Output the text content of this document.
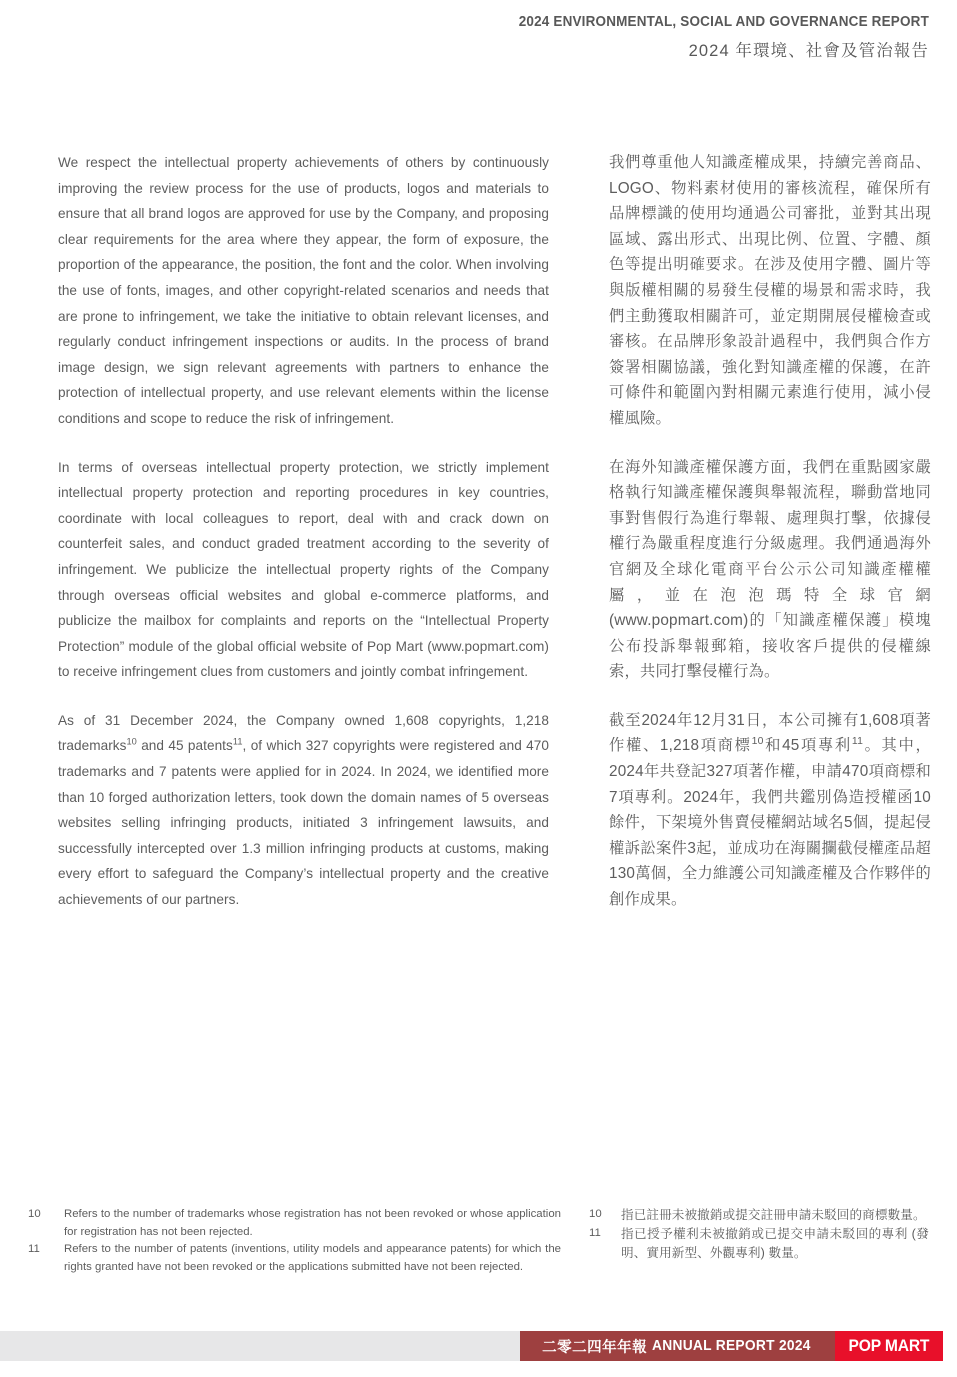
2024 ENVIRONMENTAL, SOCIAL AND GOVERNANCE REPORT
2024 年環境、社會及管治報告

We respect the intellectual property achievements of others by continuously improving the review process for the use of products, logos and materials to ensure that all brand logos are approved for use by the Company, and proposing clear requirements for the area where they appear, the form of exposure, the proportion of the appearance, the position, the font and the color. When involving the use of fonts, images, and other copyright-related scenarios and needs that are prone to infringement, we take the initiative to obtain relevant licenses, and regularly conduct infringement inspections or audits. In the process of brand image design, we sign relevant agreements with partners to enhance the protection of intellectual property, and use relevant elements within the license conditions and scope to reduce the risk of infringement.

In terms of overseas intellectual property protection, we strictly implement intellectual property protection and reporting procedures in key countries, coordinate with local colleagues to report, deal with and crack down on counterfeit sales, and conduct graded treatment according to the severity of infringement. We publicize the intellectual property rights of the Company through overseas official websites and global e-commerce platforms, and publicize the mailbox for complaints and reports on the “Intellectual Property Protection” module of the global official website of Pop Mart (www.popmart.com) to receive infringement clues from customers and jointly combat infringement.

As of 31 December 2024, the Company owned 1,608 copyrights, 1,218 trademarks$^{10}$ and 45 patents$^{11}$, of which 327 copyrights were registered and 470 trademarks and 7 patents were applied for in 2024. In 2024, we identified more than 10 forged authorization letters, took down the domain names of 5 overseas websites selling infringing products, initiated 3 infringement lawsuits, and successfully intercepted over 1.3 million infringing products at customs, making every effort to safeguard the Company’s intellectual property and the creative achievements of our partners.

我們尊重他人知識產權成果，持續完善商品、LOGO、物料素材使用的審核流程，確保所有品牌標識的使用均通過公司審批，並對其出現區域、露出形式、出現比例、位置、字體、顏色等提出明確要求。在涉及使用字體、圖片等與版權相關的易發生侵權的場景和需求時，我們主動獲取相關許可，並定期開展侵權檢查或審核。在品牌形象設計過程中，我們與合作方簽署相關協議，強化對知識產權的保護，在許可條件和範圍內對相關元素進行使用，減小侵權風險。

在海外知識產權保護方面，我們在重點國家嚴格執行知識產權保護與舉報流程，聯動當地同事對售假行為進行舉報、處理與打擊，依據侵權行為嚴重程度進行分級處理。我們通過海外官網及全球化電商平台公示公司知識產權權屬，並在泡泡瑪特全球官網(www.popmart.com)的「知識產權保護」模塊公布投訴舉報郵箱，接收客戶提供的侵權線索，共同打擊侵權行為。

截至2024年12月31日，本公司擁有1,608項著作權、1,218項商標$^{10}$和45項專利$^{11}$。其中，2024年共登記327項著作權，申請470項商標和7項專利。2024年，我們共鑑別偽造授權函10餘件，下架境外售賣侵權網站域名5個，提起侵權訴訟案件3起，並成功在海關攔截侵權產品超130萬個，全力維護公司知識產權及合作夥伴的創作成果。

10	Refers to the number of trademarks whose registration has not been revoked or whose application for registration has not been rejected.
11	Refers to the number of patents (inventions, utility models and appearance patents) for which the rights granted have not been revoked or the applications submitted have not been rejected.
10	指已註冊未被撤銷或提交註冊申請未駁回的商標數量。
11	指已授予權利未被撤銷或已提交申請未駁回的專利 (發明、實用新型、外觀專利) 數量。
二零二四年年報 ANNUAL REPORT 2024 POP MART
